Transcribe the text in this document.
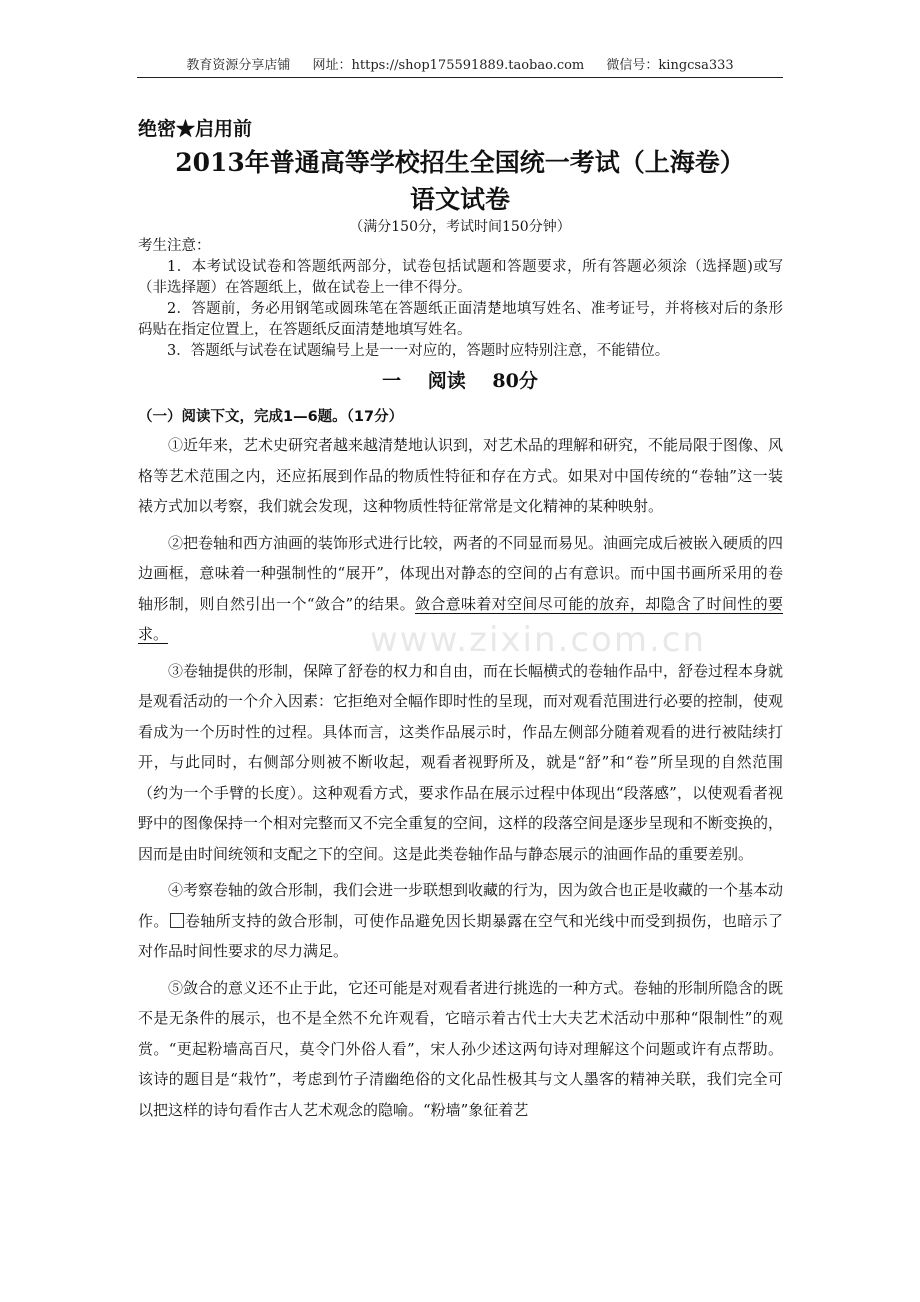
教育资源分享店铺 网址：https://shop175591889.taobao.com 微信号：kingcsa333
绝密★启用前
2013年普通高等学校招生全国统一考试（上海卷）
语文试卷
（满分150分，考试时间150分钟）

考生注意：

1．本考试设试卷和答题纸两部分，试卷包括试题和答题要求，所有答题必须涂（选择题)或写（非选择题）在答题纸上，做在试卷上一律不得分。

2．答题前，务必用钢笔或圆珠笔在答题纸正面清楚地填写姓名、准考证号，并将核对后的条形码贴在指定位置上，在答题纸反面清楚地填写姓名。

3．答题纸与试卷在试题编号上是一一对应的，答题时应特别注意，不能错位。

一 阅读 80分
（一）阅读下文，完成1—6题。（17分）

①近年来，艺术史研究者越来越清楚地认识到，对艺术品的理解和研究，不能局限于图像、风格等艺术范围之内，还应拓展到作品的物质性特征和存在方式。如果对中国传统的“卷轴”这一装裱方式加以考察，我们就会发现，这种物质性特征常常是文化精神的某种映射。

②把卷轴和西方油画的装饰形式进行比较，两者的不同显而易见。油画完成后被嵌入硬质的四边画框，意味着一种强制性的“展开”，体现出对静态的空间的占有意识。而中国书画所采用的卷轴形制，则自然引出一个“敛合”的结果。敛合意味着对空间尽可能的放弃，却隐含了时间性的要求。

③卷轴提供的形制，保障了舒卷的权力和自由，而在长幅横式的卷轴作品中，舒卷过程本身就是观看活动的一个介入因素：它拒绝对全幅作即时性的呈现，而对观看范围进行必要的控制，使观看成为一个历时性的过程。具体而言，这类作品展示时，作品左侧部分随着观看的进行被陆续打开，与此同时，右侧部分则被不断收起，观看者视野所及，就是“舒”和“卷”所呈现的自然范围（约为一个手臂的长度）。这种观看方式，要求作品在展示过程中体现出“段落感”，以使观看者视野中的图像保持一个相对完整而又不完全重复的空间，这样的段落空间是逐步呈现和不断变换的，因而是由时间统领和支配之下的空间。这是此类卷轴作品与静态展示的油画作品的重要差别。

④考察卷轴的敛合形制，我们会进一步联想到收藏的行为，因为敛合也正是收藏的一个基本动作。 卷轴所支持的敛合形制，可使作品避免因长期暴露在空气和光线中而受到损伤，也暗示了对作品时间性要求的尽力满足。

⑤敛合的意义还不止于此，它还可能是对观看者进行挑选的一种方式。卷轴的形制所隐含的既不是无条件的展示，也不是全然不允许观看，它暗示着古代士大夫艺术活动中那种“限制性”的观赏。“更起粉墙高百尺，莫令门外俗人看”，宋人孙少述这两句诗对理解这个问题或许有点帮助。该诗的题目是“栽竹”，考虑到竹子清幽绝俗的文化品性极其与文人墨客的精神关联，我们完全可以把这样的诗句看作古人艺术观念的隐喻。“粉墙”象征着艺

www.zixin.com.cn
